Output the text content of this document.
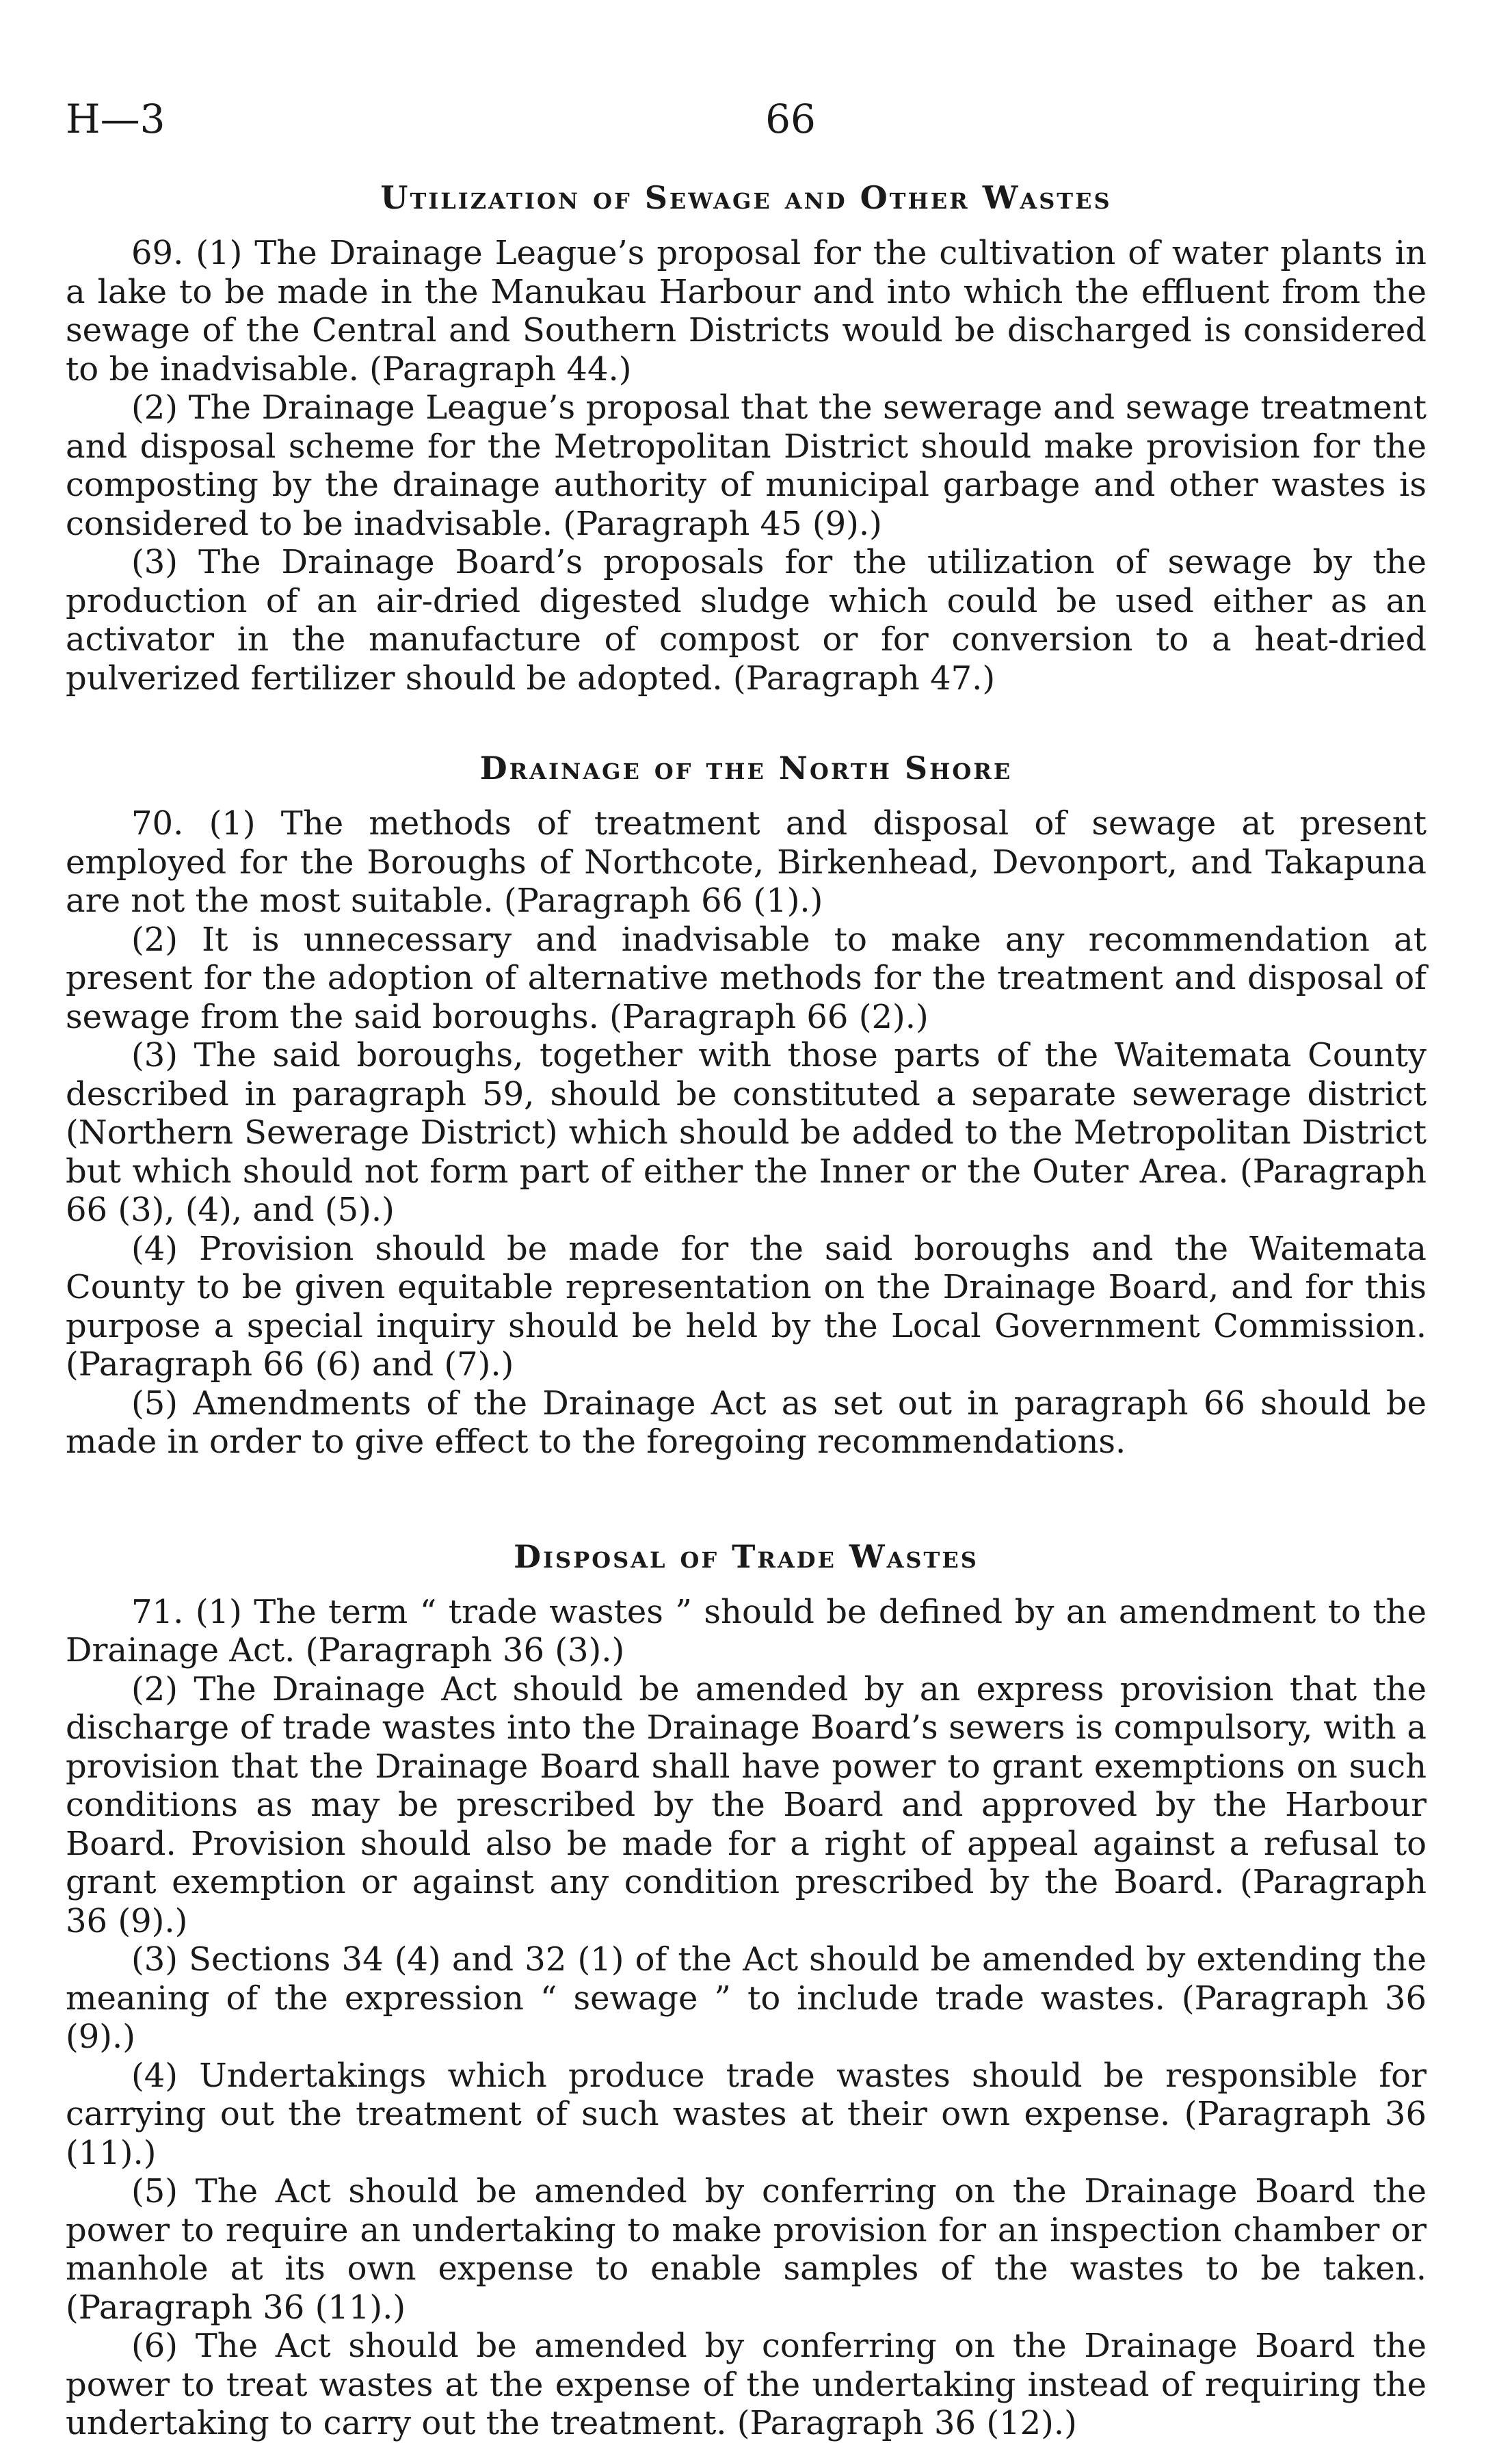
H—3	66
Utilization of Sewage and Other Wastes

69. (1) The Drainage League’s proposal for the cultivation of water plants in a lake to be made in the Manukau Harbour and into which the effluent from the sewage of the Central and Southern Districts would be discharged is considered to be inadvisable. (Paragraph 44.)

(2) The Drainage League’s proposal that the sewerage and sewage treatment and disposal scheme for the Metropolitan District should make provision for the composting by the drainage authority of municipal garbage and other wastes is considered to be inadvisable. (Paragraph 45 (9).)

(3) The Drainage Board’s proposals for the utilization of sewage by the production of an air-dried digested sludge which could be used either as an activator in the manufacture of compost or for conversion to a heat-dried pulverized fertilizer should be adopted. (Paragraph 47.)

Drainage of the North Shore

70. (1) The methods of treatment and disposal of sewage at present employed for the Boroughs of Northcote, Birkenhead, Devonport, and Takapuna are not the most suitable. (Paragraph 66 (1).)

(2) It is unnecessary and inadvisable to make any recommendation at present for the adoption of alternative methods for the treatment and disposal of sewage from the said boroughs. (Paragraph 66 (2).)

(3) The said boroughs, together with those parts of the Waitemata County described in paragraph 59, should be constituted a separate sewerage district (Northern Sewerage District) which should be added to the Metropolitan District but which should not form part of either the Inner or the Outer Area. (Paragraph 66 (3), (4), and (5).)

(4) Provision should be made for the said boroughs and the Waitemata County to be given equitable representation on the Drainage Board, and for this purpose a special inquiry should be held by the Local Government Commission. (Paragraph 66 (6) and (7).)

(5) Amendments of the Drainage Act as set out in paragraph 66 should be made in order to give effect to the foregoing recommendations.

Disposal of Trade Wastes

71. (1) The term “ trade wastes ” should be defined by an amendment to the Drainage Act. (Paragraph 36 (3).)

(2) The Drainage Act should be amended by an express provision that the discharge of trade wastes into the Drainage Board’s sewers is compulsory, with a provision that the Drainage Board shall have power to grant exemptions on such conditions as may be prescribed by the Board and approved by the Harbour Board. Provision should also be made for a right of appeal against a refusal to grant exemption or against any condition prescribed by the Board. (Paragraph 36 (9).)

(3) Sections 34 (4) and 32 (1) of the Act should be amended by extending the meaning of the expression “ sewage ” to include trade wastes. (Paragraph 36 (9).)

(4) Undertakings which produce trade wastes should be responsible for carrying out the treatment of such wastes at their own expense. (Paragraph 36 (11).)

(5) The Act should be amended by conferring on the Drainage Board the power to require an undertaking to make provision for an inspection chamber or manhole at its own expense to enable samples of the wastes to be taken. (Paragraph 36 (11).)

(6) The Act should be amended by conferring on the Drainage Board the power to treat wastes at the expense of the undertaking instead of requiring the undertaking to carry out the treatment. (Paragraph 36 (12).)
